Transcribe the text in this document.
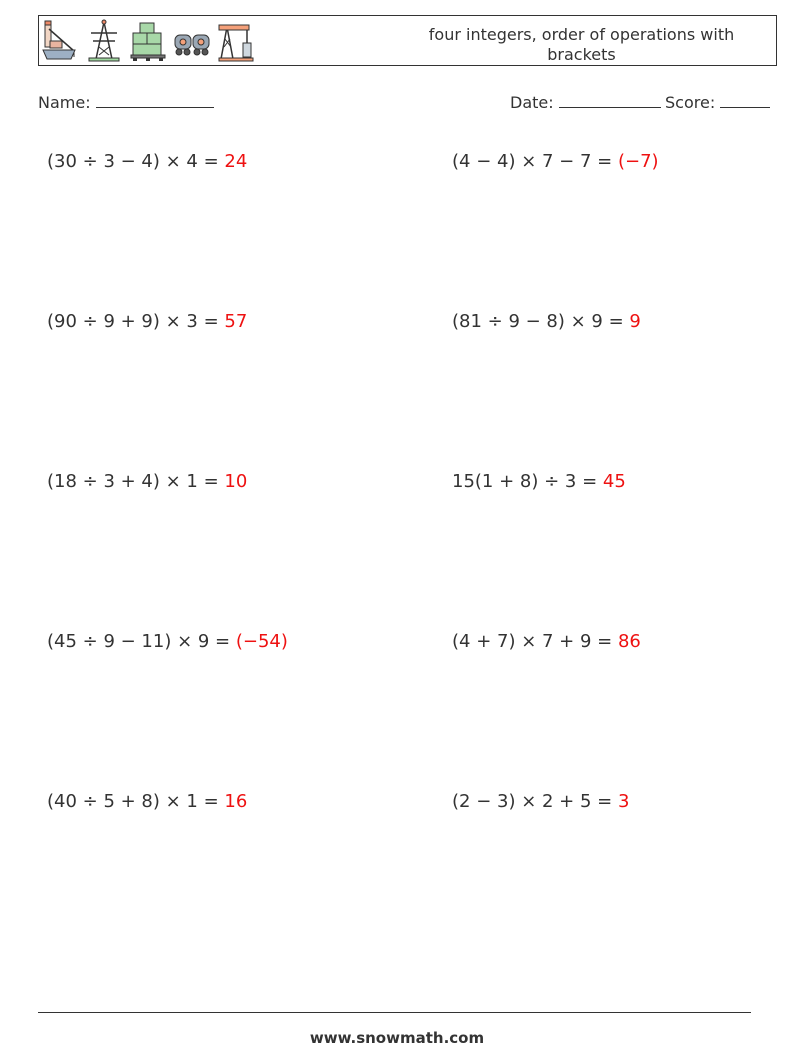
four integers, order of operations with brackets
Name:	Date:	Score:
(30 ÷ 3 − 4) × 4 = 24	(4 − 4) × 7 − 7 = (−7)
(90 ÷ 9 + 9) × 3 = 57	(81 ÷ 9 − 8) × 9 = 9
(18 ÷ 3 + 4) × 1 = 10	15(1 + 8) ÷ 3 = 45
(45 ÷ 9 − 11) × 9 = (−54)	(4 + 7) × 7 + 9 = 86
(40 ÷ 5 + 8) × 1 = 16	(2 − 3) × 2 + 5 = 3
www.snowmath.com
